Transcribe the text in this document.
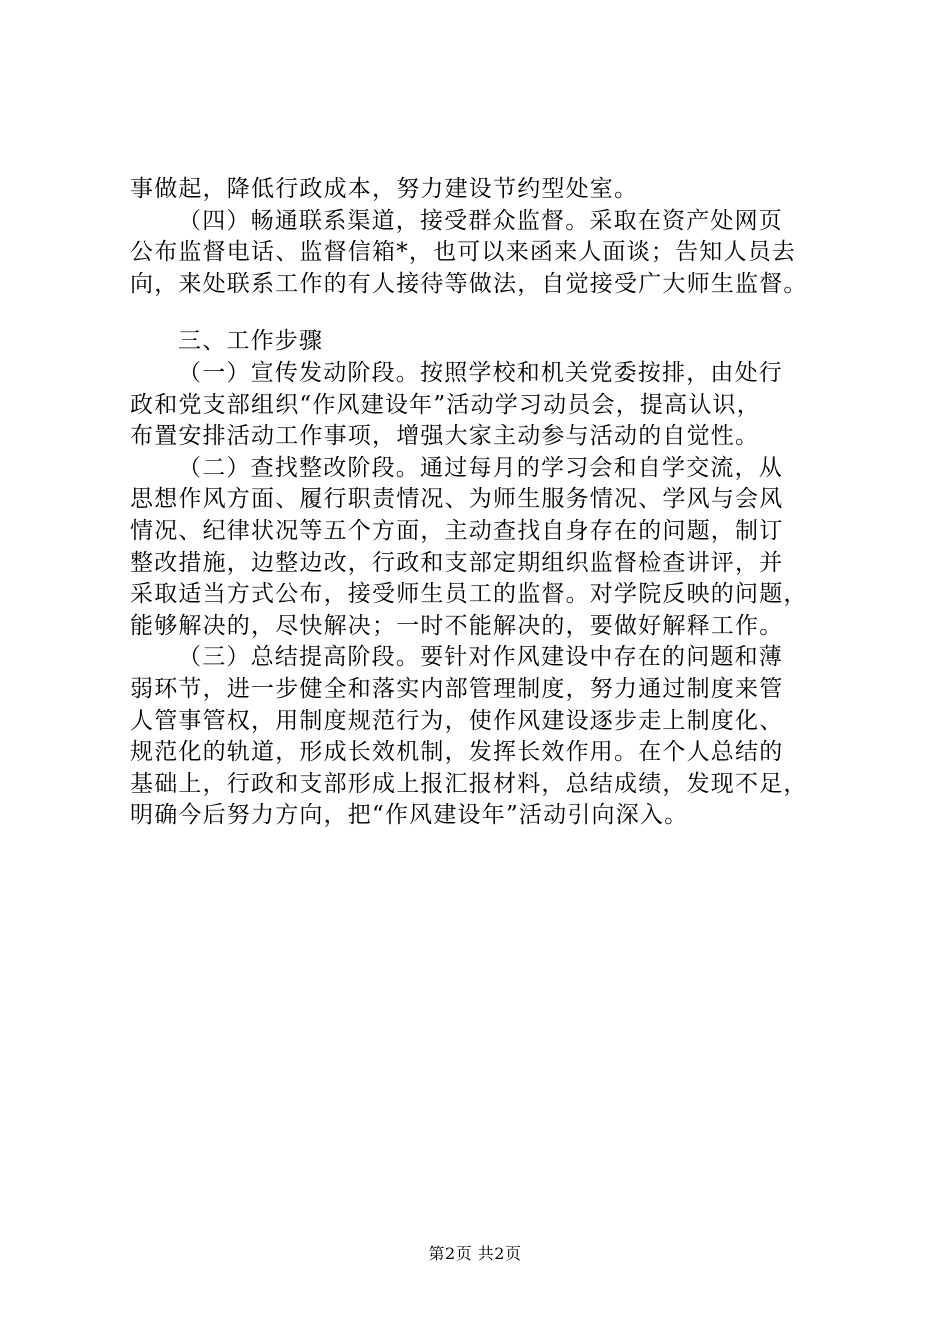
事做起，降低行政成本，努力建设节约型处室。
（四）畅通联系渠道，接受群众监督。采取在资产处网页
公布监督电话、监督信箱*，也可以来函来人面谈；告知人员去
向，来处联系工作的有人接待等做法，自觉接受广大师生监督。
三、工作步骤
（一）宣传发动阶段。按照学校和机关党委按排，由处行
政和党支部组织“作风建设年”活动学习动员会，提高认识，
布置安排活动工作事项，增强大家主动参与活动的自觉性。
（二）查找整改阶段。通过每月的学习会和自学交流，从
思想作风方面、履行职责情况、为师生服务情况、学风与会风
情况、纪律状况等五个方面，主动查找自身存在的问题，制订
整改措施，边整边改，行政和支部定期组织监督检查讲评，并
采取适当方式公布，接受师生员工的监督。对学院反映的问题，
能够解决的，尽快解决；一时不能解决的，要做好解释工作。
（三）总结提高阶段。要针对作风建设中存在的问题和薄
弱环节，进一步健全和落实内部管理制度，努力通过制度来管
人管事管权，用制度规范行为，使作风建设逐步走上制度化、
规范化的轨道，形成长效机制，发挥长效作用。在个人总结的
基础上，行政和支部形成上报汇报材料，总结成绩，发现不足，
明确今后努力方向，把“作风建设年”活动引向深入。
第2页 共2页
